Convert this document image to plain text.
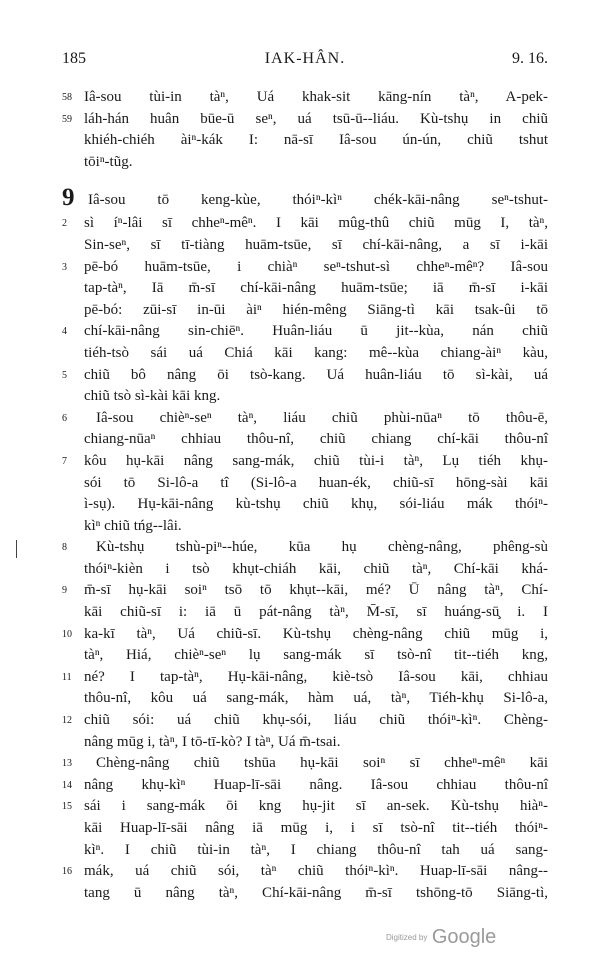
185	IAK-HÂN.	9. 16.
58 Iâ-sou tùi-in tàⁿ, Uá khak-sit kāng-nín tàⁿ, A-pek-
59 láh-hán huân būe-ū seⁿ, uá tsū-ū--liáu. Kù-tshụ in chiũ
khiéh-chiéh àiⁿ-kák I: nā-sī Iâ-sou ún-ún, chiũ tshut
tōiⁿ-tũg.
9 Iâ-sou tō keng-kùe, thóiⁿ-kìⁿ chék-kāi-nâng seⁿ-tshut-
2	sì íⁿ-lâi sī chheⁿ-mêⁿ. I kāi mûg-thû chiũ mūg I, tàⁿ,
Sin-seⁿ, sī tī-tiàng huām-tsūe, sī chí-kāi-nâng, a sī i-kāi
3	pē-bó huām-tsūe, i chiàⁿ seⁿ-tshut-sì chheⁿ-mêⁿ? Iâ-sou
tap-tàⁿ, Iā m̄-sī chí-kāi-nâng huām-tsūe; iā m̄-sī i-kāi
pē-bó: zūi-sī in-ūi àiⁿ hién-mêng Siāng-tì kāi tsak-ûi tō
4	chí-kāi-nâng sin-chiēⁿ. Huân-liáu ū jit--kùa, nán chiũ
tiéh-tsò sái uá Chiá kāi kang: mê--kùa chiang-àiⁿ kàu,
5	chiũ bô nâng ōi tsò-kang. Uá huân-liáu tō sì-kài, uá
chiũ tsò sì-kài kāi kng.
6	Iâ-sou chièⁿ-seⁿ tàⁿ, liáu chiũ phùi-nūaⁿ tō thôu-ē,
chiang-nūaⁿ chhiau thôu-nî, chiũ chiang chí-kāi thôu-nî
7	kôu hụ-kāi nâng sang-mák, chiũ tùi-i tàⁿ, Lụ tiéh khụ-
sói tō Si-lô-a tî (Si-lô-a huan-ék, chiũ-sī hōng-sài kāi
ì-sụ). Hụ-kāi-nâng kù-tshụ chiũ khụ, sói-liáu mák thóiⁿ-
kìⁿ chiũ tńg--lâi.
8	Kù-tshụ tshù-piⁿ--húe, kūa hụ chèng-nâng, phêng-sù
thóiⁿ-kièn i tsò khụt-chiáh kāi, chiũ tàⁿ, Chí-kāi khá-
9	m̄-sī hụ-kāi soiⁿ tsō tō khụt--kāi, mé? Ū nâng tàⁿ, Chí-
kāi chiũ-sī i: iā ū pát-nâng tàⁿ, M̄-sī, sī huáng-sū̧ i. I
10 ka-kī tàⁿ, Uá chiũ-sī. Kù-tshụ chèng-nâng chiũ mūg i,
tàⁿ, Hiá, chièⁿ-seⁿ lụ sang-mák sī tsò-nî tit--tiéh kng,
11 né? I tap-tàⁿ, Hụ-kāi-nâng, kiè-tsò Iâ-sou kāi, chhiau
thôu-nî, kôu uá sang-mák, hàm uá, tàⁿ, Tiéh-khụ Si-lô-a,
12 chiũ sói: uá chiũ khụ-sói, liáu chiũ thóiⁿ-kìⁿ. Chèng-
nâng mūg i, tàⁿ, I tō-tī-kò? I tàⁿ, Uá m̄-tsai.
13	Chèng-nâng chiũ tshūa hụ-kāi soiⁿ sī chheⁿ-mêⁿ kāi
14 nâng khụ-kìⁿ Huap-lī-sāi nâng. Iâ-sou chhiau thôu-nî
15 sái i sang-mák ōi kng hụ-jit sī an-sek. Kù-tshụ hiàⁿ-
kāi Huap-lī-sāi nâng iā mūg i, i sī tsò-nî tit--tiéh thóiⁿ-
kìⁿ. I chiũ tùi-in tàⁿ, I chiang thôu-nî tah uá sang-
16 mák, uá chiũ sói, tàⁿ chiũ thóiⁿ-kìⁿ. Huap-lī-sāi nâng--
tang ū nâng tàⁿ, Chí-kāi-nâng m̄-sī tshōng-tō Siāng-tì,
Digitized by Google
